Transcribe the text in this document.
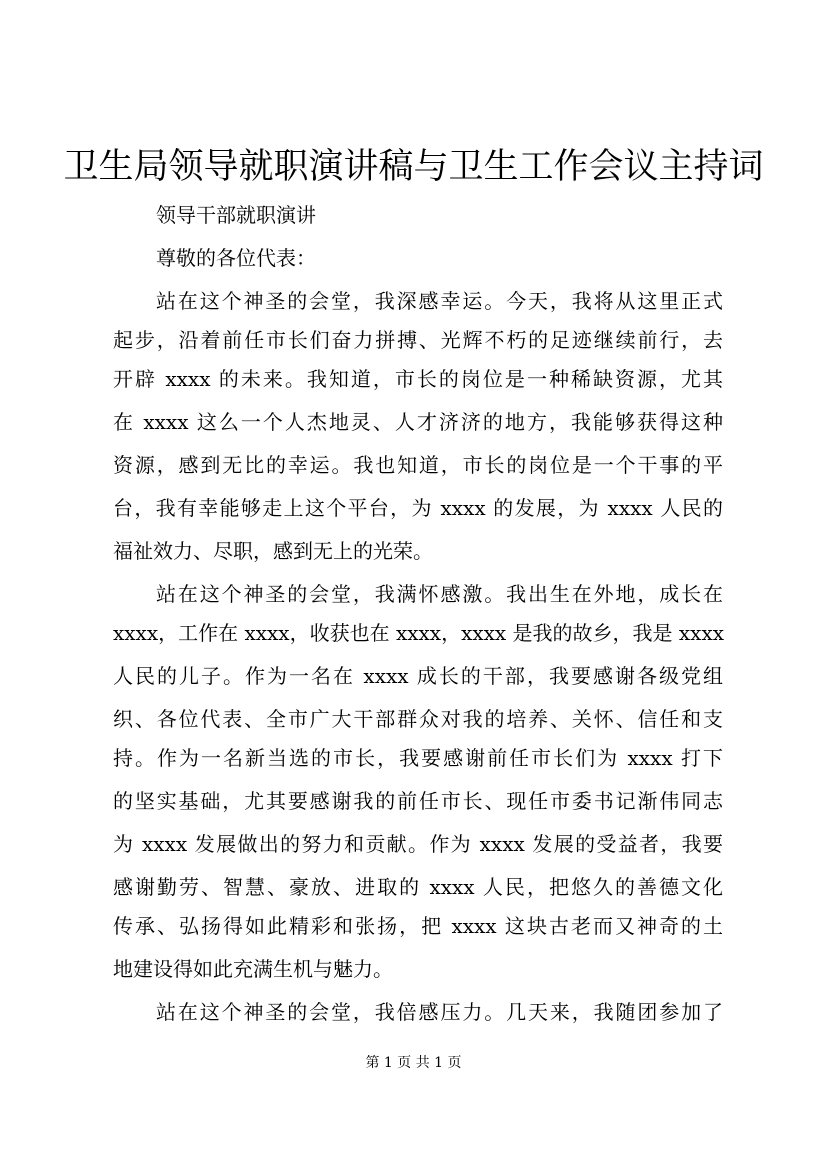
卫生局领导就职演讲稿与卫生工作会议主持词
领导干部就职演讲
尊敬的各位代表：
站在这个神圣的会堂，我深感幸运。今天，我将从这里正式
起步，沿着前任市长们奋力拼搏、光辉不朽的足迹继续前行，去
开辟 xxxx 的未来。我知道，市长的岗位是一种稀缺资源，尤其
在 xxxx 这么一个人杰地灵、人才济济的地方，我能够获得这种
资源，感到无比的幸运。我也知道，市长的岗位是一个干事的平
台，我有幸能够走上这个平台，为 xxxx 的发展，为 xxxx 人民的
福祉效力、尽职，感到无上的光荣。
站在这个神圣的会堂，我满怀感激。我出生在外地，成长在
xxxx，工作在 xxxx，收获也在 xxxx，xxxx 是我的故乡，我是 xxxx
人民的儿子。作为一名在 xxxx 成长的干部，我要感谢各级党组
织、各位代表、全市广大干部群众对我的培养、关怀、信任和支
持。作为一名新当选的市长，我要感谢前任市长们为 xxxx 打下
的坚实基础，尤其要感谢我的前任市长、现任市委书记渐伟同志
为 xxxx 发展做出的努力和贡献。作为 xxxx 发展的受益者，我要
感谢勤劳、智慧、豪放、进取的 xxxx 人民，把悠久的善德文化
传承、弘扬得如此精彩和张扬，把 xxxx 这块古老而又神奇的土
地建设得如此充满生机与魅力。
站在这个神圣的会堂，我倍感压力。几天来，我随团参加了
第 1 页 共 1 页
